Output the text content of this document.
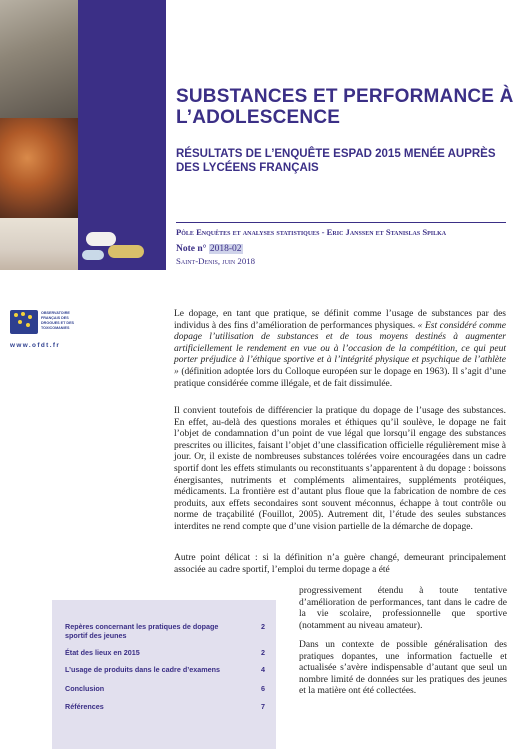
SUBSTANCES ET PERFORMANCE À L’ADOLESCENCE
RÉSULTATS DE L’ENQUÊTE ESPAD 2015 MENÉE AUPRÈS DES LYCÉENS FRANÇAIS
Pôle Enquêtes et analyses statistiques - Eric Janssen et Stanislas Spilka
Note n° 2018-02
Saint-Denis, juin 2018
OBSERVATOIRE
FRANÇAIS DES
DROGUES ET DES
TOXICOMANIES
www.ofdt.fr

Le dopage, en tant que pratique, se définit comme l’usage de substances par des individus à des fins d’amélioration de performances physiques. « Est considéré comme dopage l’utilisation de substances et de tous moyens destinés à augmenter artificiellement le rendement en vue ou à l’occasion de la compétition, ce qui peut porter préjudice à l’éthique sportive et à l’intégrité physique et psychique de l’athlète » (définition adoptée lors du Colloque européen sur le dopage en 1963). Il s’agit d’une pratique considérée comme illégale, et de fait dissimulée.

Il convient toutefois de différencier la pratique du dopage de l’usage des substances. En effet, au-delà des questions morales et éthiques qu’il soulève, le dopage ne fait l’objet de condamnation d’un point de vue légal que lorsqu’il engage des substances prescrites ou illicites, faisant l’objet d’une classification officielle régulièrement mise à jour. Or, il existe de nombreuses substances tolérées voire encouragées dans un cadre sportif dont les effets stimulants ou reconstituants s’apparentent à du dopage : boissons énergisantes, nutriments et compléments alimentaires, suppléments protéiques, médicaments. La frontière est d’autant plus floue que la fabrication de nombre de ces produits, aux effets secondaires sont souvent méconnus, échappe à tout contrôle ou norme de traçabilité (Fouillot, 2005). Autrement dit, l’étude des seules substances interdites ne rend compte que d’une vision partielle de la démarche de dopage.

Autre point délicat : si la définition n’a guère changé, demeurant principalement associée au cadre sportif, l’emploi du terme dopage a été

progressivement étendu à toute tentative d’amélioration de performances, tant dans le cadre de la vie scolaire, professionnelle que sportive (notamment au niveau amateur).

Dans un contexte de possible généralisation des pratiques dopantes, une information factuelle et actualisée s’avère indispensable d’autant que seul un nombre limité de données sur les pratiques des jeunes et la matière ont été collectées.

Repères concernant les pratiques de dopage sportif des jeunes
2
État des lieux en 2015	2
L’usage de produits dans le cadre d’examens	4
Conclusion	6
Références	7
